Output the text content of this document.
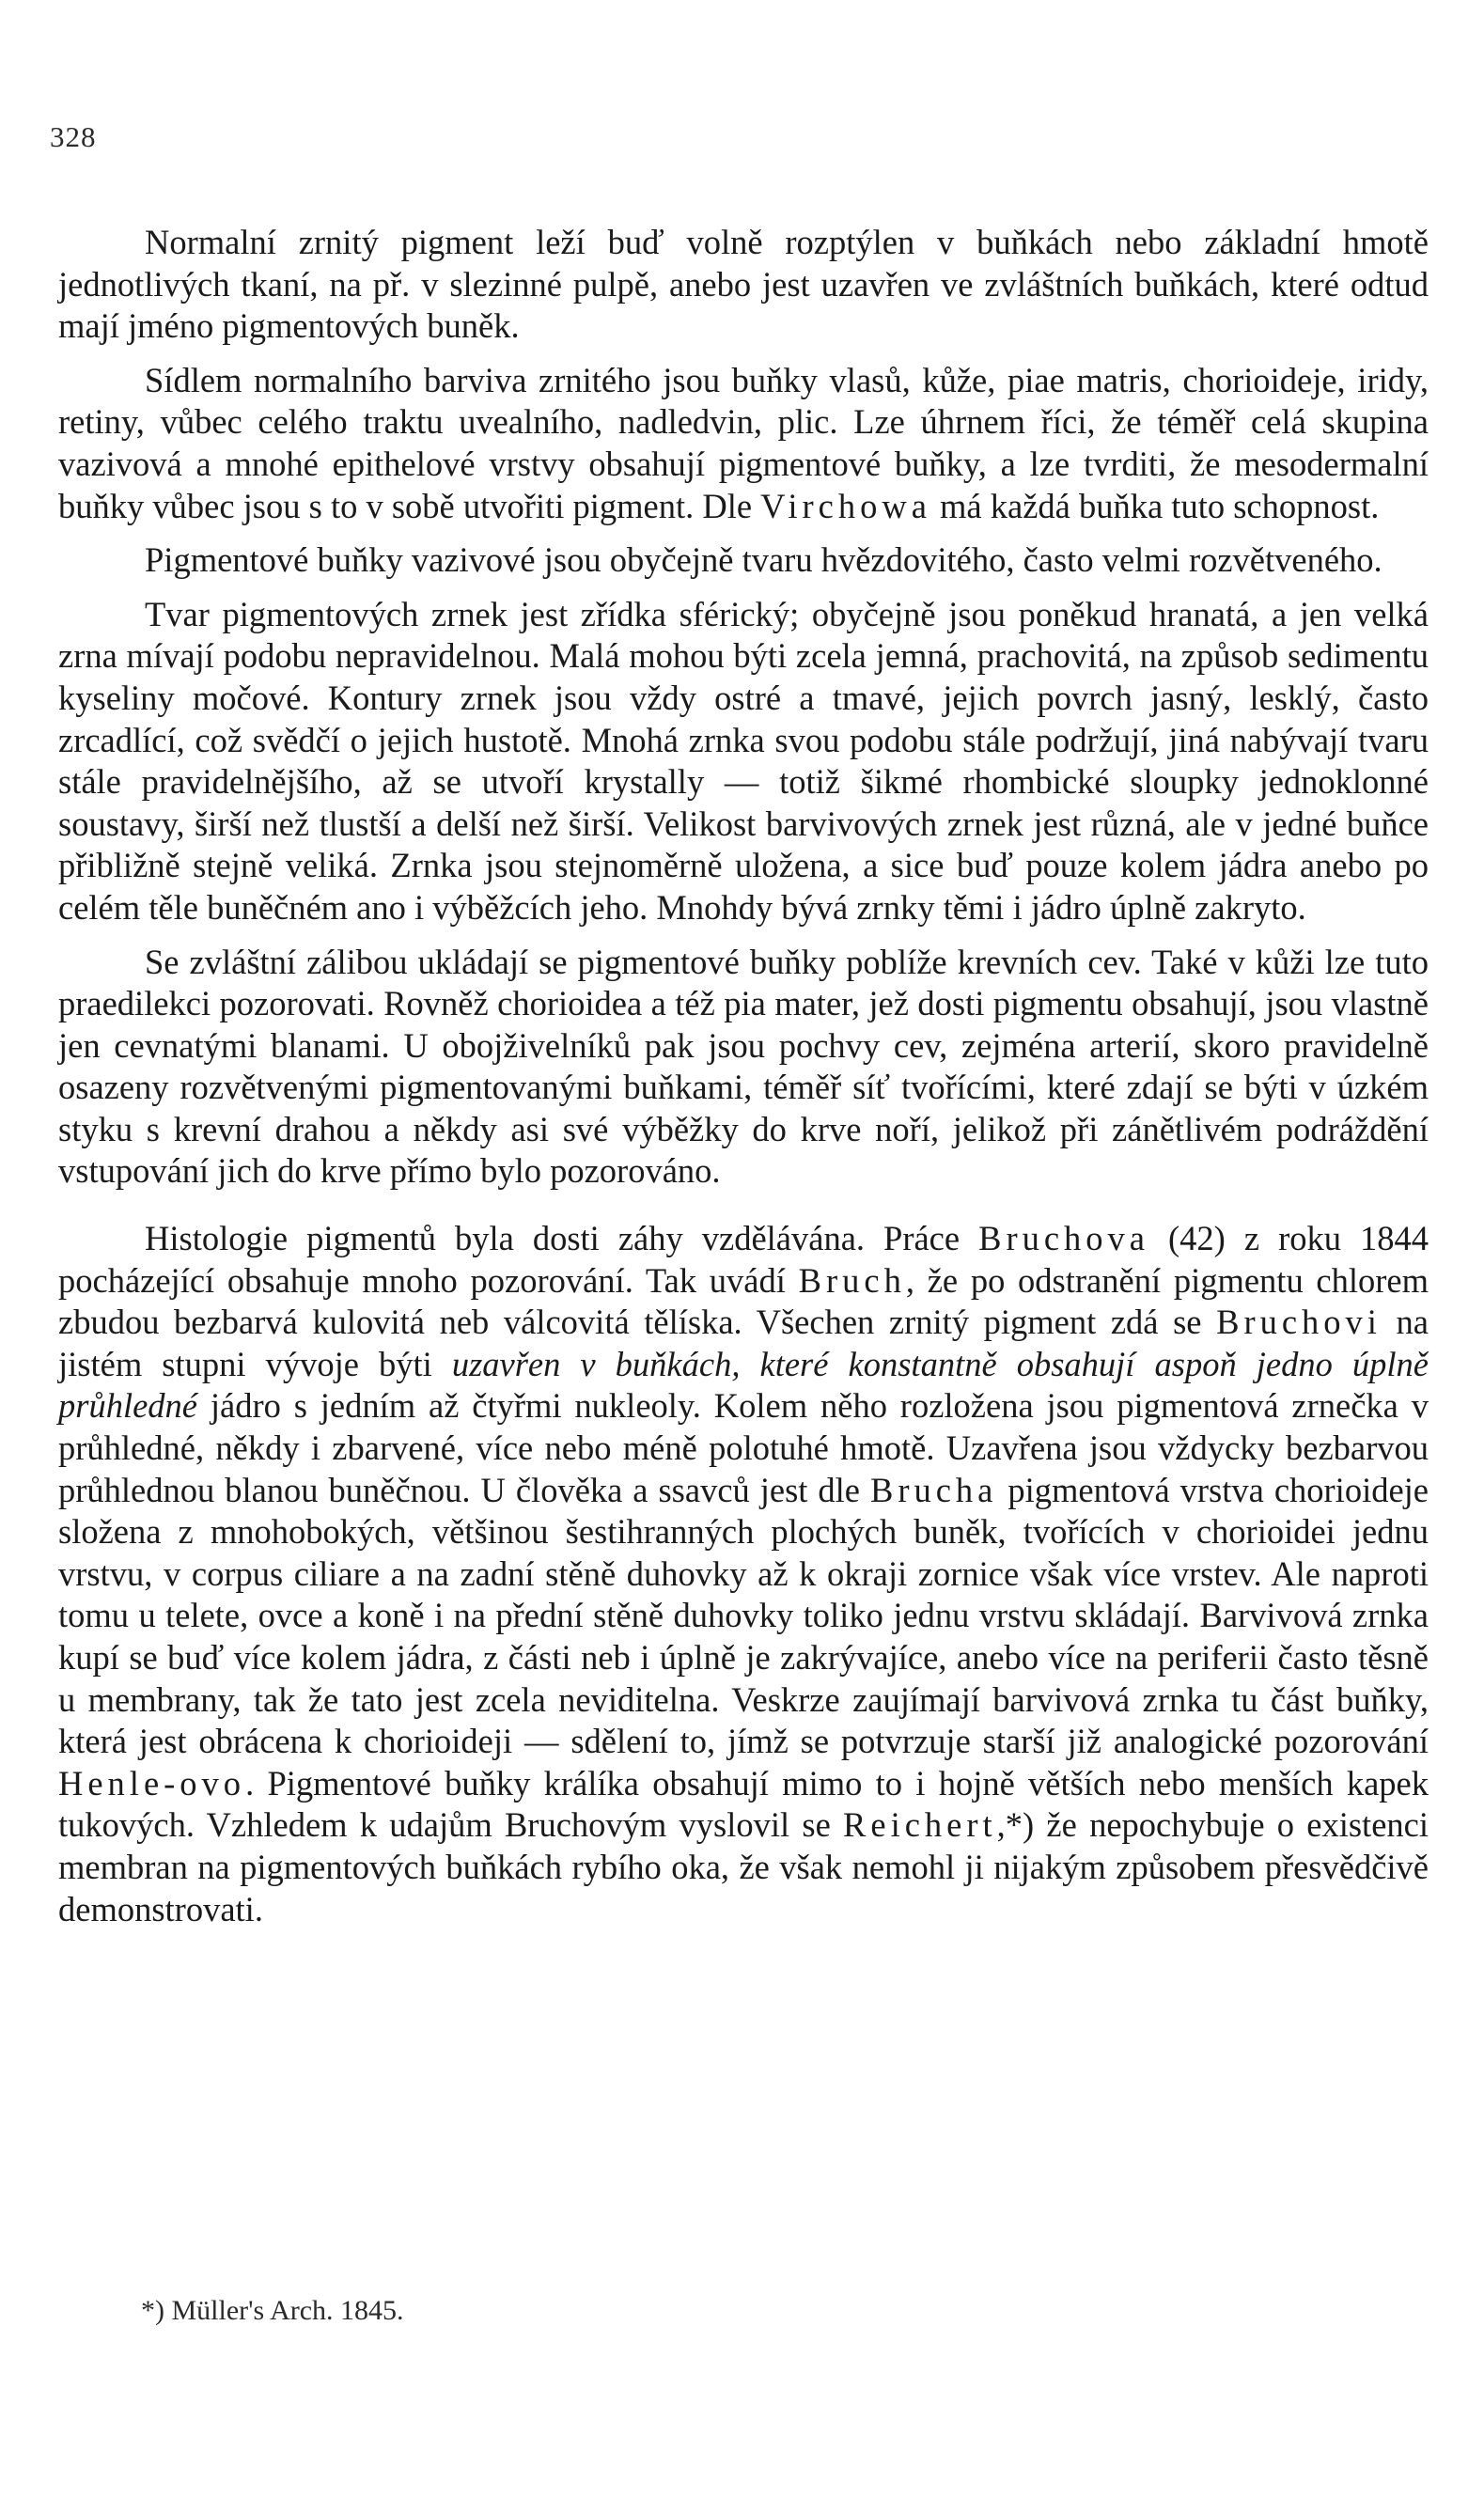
328

Normalní zrnitý pigment leží buď volně rozptýlen v buňkách nebo základní hmotě jednotlivých tkaní, na př. v slezinné pulpě, anebo jest uzavřen ve zvláštních buňkách, které odtud mají jméno pigmentových buněk.

Sídlem normalního barviva zrnitého jsou buňky vlasů, kůže, piae matris, chorioideje, iridy, retiny, vůbec celého traktu uvealního, nadledvin, plic. Lze úhrnem říci, že téměř celá skupina vazivová a mnohé epithelové vrstvy obsahují pigmentové buňky, a lze tvrditi, že mesodermalní buňky vůbec jsou s to v sobě utvořiti pigment. Dle Virchowa má každá buňka tuto schopnost.

Pigmentové buňky vazivové jsou obyčejně tvaru hvězdovitého, často velmi rozvětveného.

Tvar pigmentových zrnek jest zřídka sférický; obyčejně jsou poněkud hranatá, a jen velká zrna mívají podobu nepravidelnou. Malá mohou býti zcela jemná, prachovitá, na způsob sedimentu kyseliny močové. Kontury zrnek jsou vždy ostré a tmavé, jejich povrch jasný, lesklý, často zrcadlící, což svědčí o jejich hustotě. Mnohá zrnka svou podobu stále podržují, jiná nabývají tvaru stále pravidelnějšího, až se utvoří krystally — totiž šikmé rhombické sloupky jednoklonné soustavy, širší než tlustší a delší než širší. Velikost barvivových zrnek jest různá, ale v jedné buňce přibližně stejně veliká. Zrnka jsou stejnoměrně uložena, a sice buď pouze kolem jádra anebo po celém těle buněčném ano i výběžcích jeho. Mnohdy bývá zrnky těmi i jádro úplně zakryto.

Se zvláštní zálibou ukládají se pigmentové buňky poblíže krevních cev. Také v kůži lze tuto praedilekci pozorovati. Rovněž chorioidea a též pia mater, jež dosti pigmentu obsahují, jsou vlastně jen cevnatými blanami. U obojživelníků pak jsou pochvy cev, zejména arterií, skoro pravidelně osazeny rozvětvenými pigmentovanými buňkami, téměř síť tvořícími, které zdají se býti v úzkém styku s krevní drahou a někdy asi své výběžky do krve noří, jelikož při zánětlivém podráždění vstupování jich do krve přímo bylo pozorováno.

Histologie pigmentů byla dosti záhy vzdělávána. Práce Bruchova (42) z roku 1844 pocházející obsahuje mnoho pozorování. Tak uvádí Bruch, že po odstranění pigmentu chlorem zbudou bezbarvá kulovitá neb válcovitá tělíska. Všechen zrnitý pigment zdá se Bruchovi na jistém stupni vývoje býti uzavřen v buňkách, které konstantně obsahují aspoň jedno úplně průhledné jádro s jedním až čtyřmi nukleoly. Kolem něho rozložena jsou pigmentová zrnečka v průhledné, někdy i zbarvené, více nebo méně polotuhé hmotě. Uzavřena jsou vždycky bezbarvou průhlednou blanou buněčnou. U člověka a ssavců jest dle Brucha pigmentová vrstva chorioideje složena z mnohobokých, většinou šestihranných plochých buněk, tvořících v chorioidei jednu vrstvu, v corpus ciliare a na zadní stěně duhovky až k okraji zornice však více vrstev. Ale naproti tomu u telete, ovce a koně i na přední stěně duhovky toliko jednu vrstvu skládají. Barvivová zrnka kupí se buď více kolem jádra, z části neb i úplně je zakrývajíce, anebo více na periferii často těsně u membrany, tak že tato jest zcela neviditelna. Veskrze zaujímají barvivová zrnka tu část buňky, která jest obrácena k chorioideji — sdělení to, jímž se potvrzuje starší již analogické pozorování Henle-ovo. Pigmentové buňky králíka obsahují mimo to i hojně větších nebo menších kapek tukových. Vzhledem k udajům Bruchovým vyslovil se Reichert,*) že nepochybuje o existenci membran na pigmentových buňkách rybího oka, že však nemohl ji nijakým způsobem přesvědčivě demonstrovati.

*) Müller's Arch. 1845.
